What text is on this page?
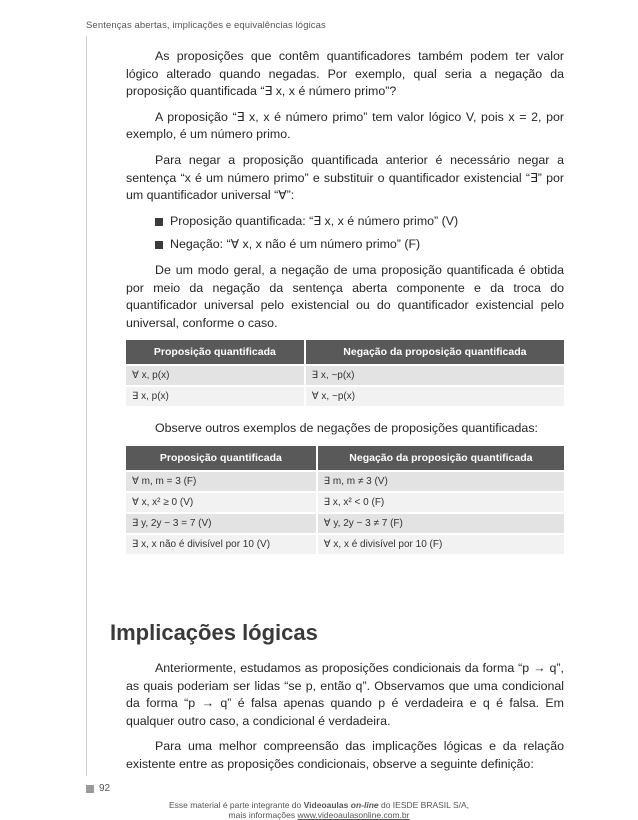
Sentenças abertas, implicações e equivalências lógicas

As proposições que contêm quantificadores também podem ter valor lógico alterado quando negadas. Por exemplo, qual seria a negação da proposição quantificada “∃ x, x é número primo”?

A proposição “∃ x, x é número primo” tem valor lógico V, pois x = 2, por exemplo, é um número primo.

Para negar a proposição quantificada anterior é necessário negar a sentença “x é um número primo” e substituir o quantificador existencial “∃” por um quantificador universal “∀”:

Proposição quantificada: “∃ x, x é número primo” (V)
Negação: “∀ x, x não é um número primo” (F)

De um modo geral, a negação de uma proposição quantificada é obtida por meio da negação da sentença aberta componente e da troca do quantificador universal pelo existencial ou do quantificador existencial pelo universal, conforme o caso.

Proposição quantificada	Negação da proposição quantificada
∀ x, p(x)	∃ x, ~p(x)
∃ x, p(x)	∀ x, ~p(x)

Observe outros exemplos de negações de proposições quantificadas:

Proposição quantificada	Negação da proposição quantificada
∀ m, m = 3 (F)	∃ m, m ≠ 3 (V)
∀ x, x² ≥ 0 (V)	∃ x, x² < 0 (F)
∃ y, 2y − 3 = 7 (V)	∀ y, 2y − 3 ≠ 7 (F)
∃ x, x não é divisível por 10 (V)	∀ x, x é divisível por 10 (F)
Implicações lógicas

Anteriormente, estudamos as proposições condicionais da forma “p → q”, as quais poderiam ser lidas “se p, então q”. Observamos que uma condicional da forma “p → q” é falsa apenas quando p é verdadeira e q é falsa. Em qualquer outro caso, a condicional é verdadeira.

Para uma melhor compreensão das implicações lógicas e da relação existente entre as proposições condicionais, observe a seguinte definição:

92
Esse material é parte integrante do Videoaulas on-line do IESDE BRASIL S/A,
mais informações www.videoaulasonline.com.br
